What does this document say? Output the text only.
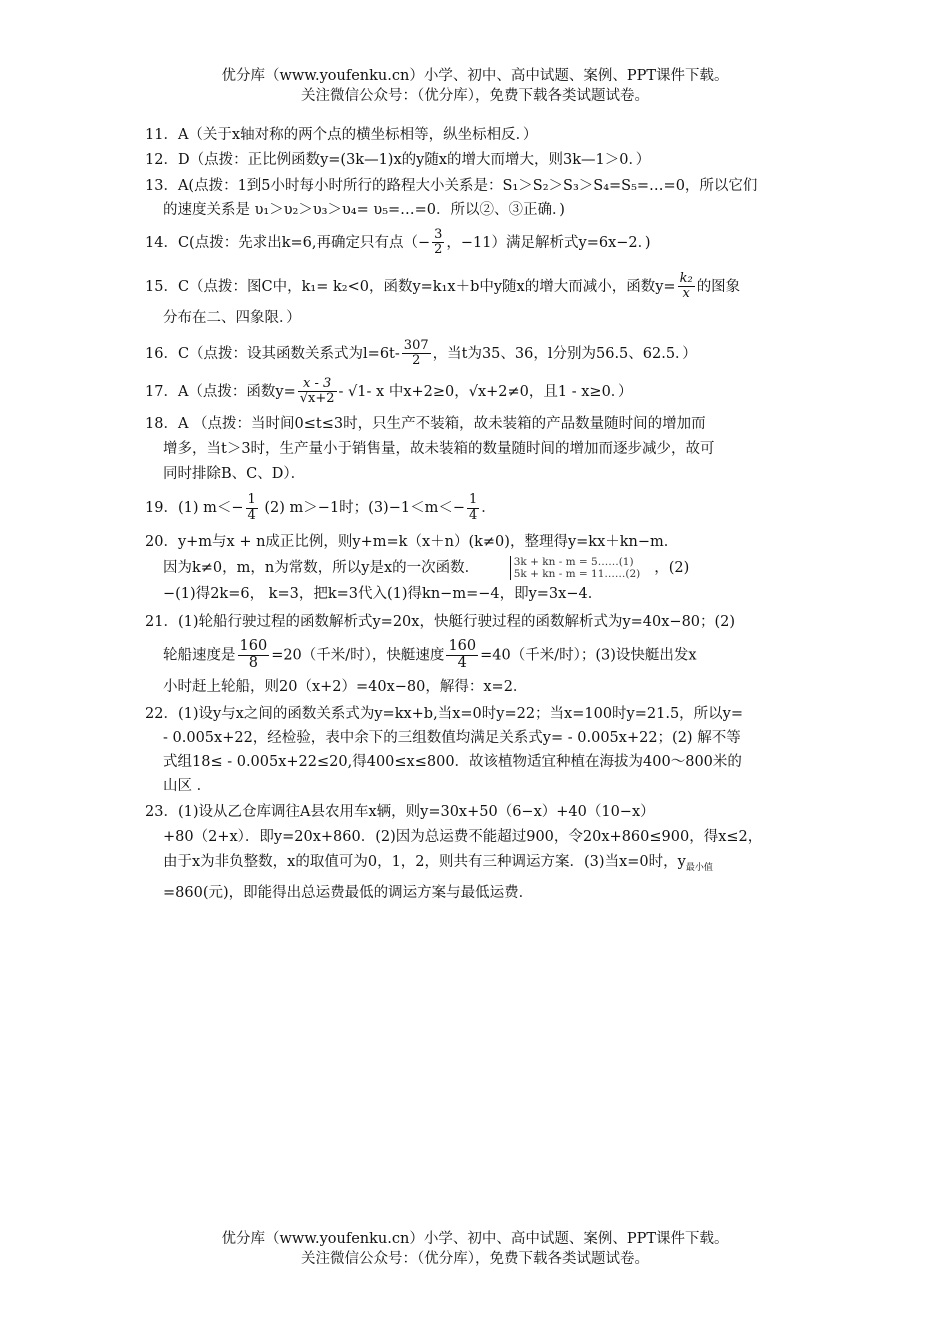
优分库（www.youfenku.cn）小学、初中、高中试题、案例、PPT课件下载。
关注微信公众号：（优分库），免费下载各类试题试卷。
11．A（关于x轴对称的两个点的横坐标相等，纵坐标相反．）
12．D（点拨：正比例函数y=(3k—1)x的y随x的增大而增大，则3k—1＞0．）
13．A(点拨：1到5小时每小时所行的路程大小关系是：S₁＞S₂＞S₃＞S₄=S₅=…=0，所以它们
的速度关系是 υ₁＞υ₂＞υ₃＞υ₄= υ₅=…=0．所以②、③正确．)
14．C(点拨：先求出k=6,再确定只有点（− $\frac{3}{2}$ ，−11）满足解析式y=6x−2．)
15．C（点拨：图C中，k₁= k₂<0，函数y=k₁x＋b中y随x的增大而减小，函数$y= \frac{\text{k₂}}{x}$ 的图象
分布在二、四象限．）
16．C（点拨：设其函数关系式为$l=6t- \frac{307}{2}$ ，当t为35、36，l分别为56.5、62.5．）
17．A（点拨：函数$y= \frac{x - 3}{√x+2} - √1-$ x 中x+2≥0，√x+2≠0，且1 - x≥0．）
18．A （点拨：当时间0≤t≤3时，只生产不装箱，故未装箱的产品数量随时间的增加而
增多，当t＞3时，生产量小于销售量，故未装箱的数量随时间的增加而逐步减少，故可
同时排除B、C、D）．
19．(1) $m<- \frac{1}{4} (2)$ m＞−1时；$(3)-1<m<- \frac{1}{4}$ ．
20．y+m与x + n成正比例，则y+m=k（x＋n）(k≠0)，整理得y=kx＋kn−m．
因为k≠0，m，n为常数，所以y是x的一次函数．	3k + kn - m = 5……(1)
5k + kn - m = 11……(2) ，(2)
−(1)得2k=6， k=3，把k=3代入(1)得kn−m=−4，即y=3x−4．
21．(1)轮船行驶过程的函数解析式y=20x，快艇行驶过程的函数解析式为y=40x−80；(2)
轮船速度是 $\frac{160}{8} =20$（千米/时），快艇速度 $\frac{160}{4} =40$（千米/时）；(3)设快艇出发x
小时赶上轮船，则20（x+2）=40x−80，解得：x=2．
22．(1)设y与x之间的函数关系式为y=kx+b,当x=0时y=22；当x=100时y=21.5，所以y=
- 0.005x+22，经检验，表中余下的三组数值均满足关系式y= - 0.005x+22；(2) 解不等
式组18≤ - 0.005x+22≤20,得400≤x≤800．故该植物适宜种植在海拔为400～800米的
山区 ．
23．(1)设从乙仓库调往A县农用车x辆，则y=30x+50（6−x）+40（10−x）
+80（2+x）．即y=20x+860．(2)因为总运费不能超过900，令20x+860≤900，得x≤2，
由于x为非负整数，x的取值可为0，1，2，则共有三种调运方案．(3)当x=0时，$y_{最小值}$
=860(元)，即能得出总运费最低的调运方案与最低运费．
优分库（www.youfenku.cn）小学、初中、高中试题、案例、PPT课件下载。
关注微信公众号：（优分库），免费下载各类试题试卷。
